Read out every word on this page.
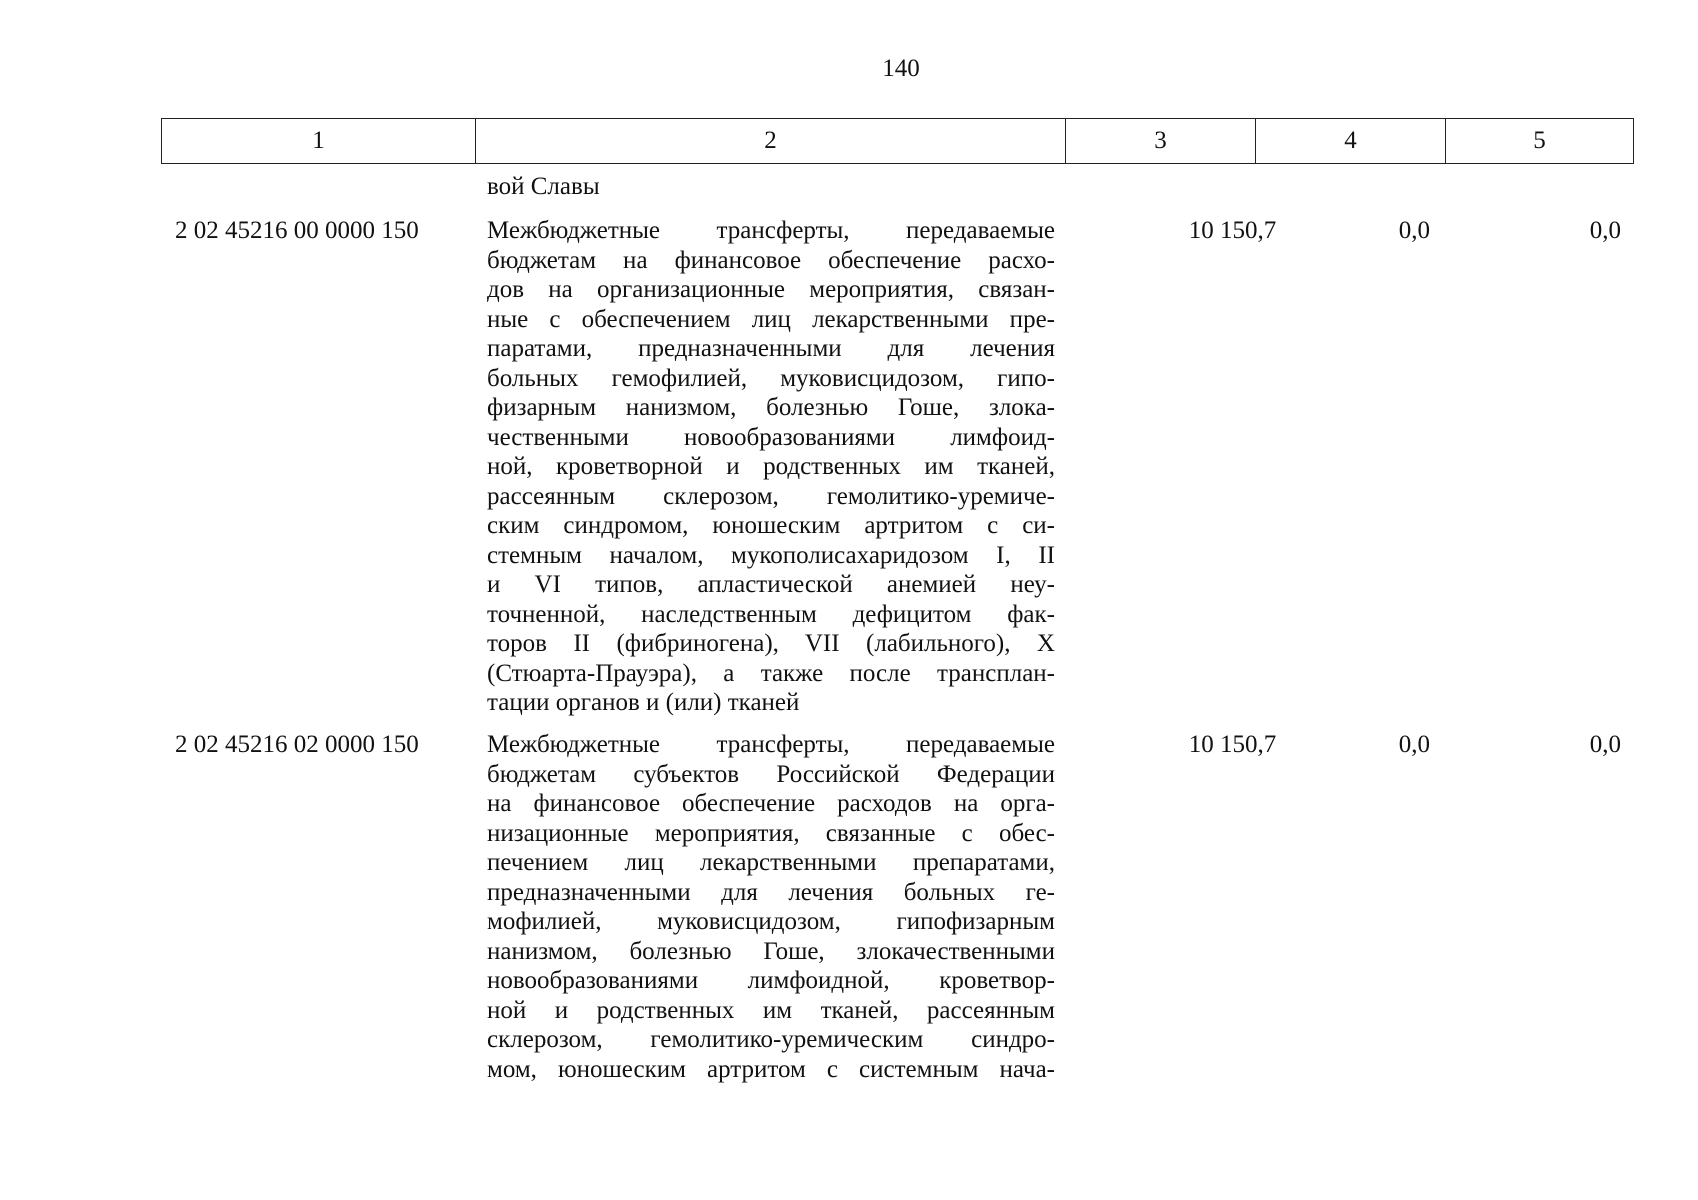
140
1	2	3	4	5
вой Славы
2 02 45216 00 0000 150	Межбюджетные трансферты, передаваемые
бюджетам на финансовое обеспечение расхо-
дов на организационные мероприятия, связан-
ные с обеспечением лиц лекарственными пре-
паратами, предназначенными для лечения
больных гемофилией, муковисцидозом, гипо-
физарным нанизмом, болезнью Гоше, злока-
чественными новообразованиями лимфоид-
ной, кроветворной и родственных им тканей,
рассеянным склерозом, гемолитико-уремиче-
ским синдромом, юношеским артритом с си-
стемным началом, мукополисахаридозом I, II
и VI типов, апластической анемией неу-
точненной, наследственным дефицитом фак-
торов II (фибриногена), VII (лабильного), X
(Стюарта-Прауэра), а также после трансплан-
тации органов и (или) тканей
10 150,7	0,0	0,0
2 02 45216 02 0000 150	Межбюджетные трансферты, передаваемые
бюджетам субъектов Российской Федерации
на финансовое обеспечение расходов на орга-
низационные мероприятия, связанные с обес-
печением лиц лекарственными препаратами,
предназначенными для лечения больных ге-
мофилией, муковисцидозом, гипофизарным
нанизмом, болезнью Гоше, злокачественными
новообразованиями лимфоидной, кроветвор-
ной и родственных им тканей, рассеянным
склерозом, гемолитико-уремическим синдро-
мом, юношеским артритом с системным нача-
10 150,7	0,0	0,0
